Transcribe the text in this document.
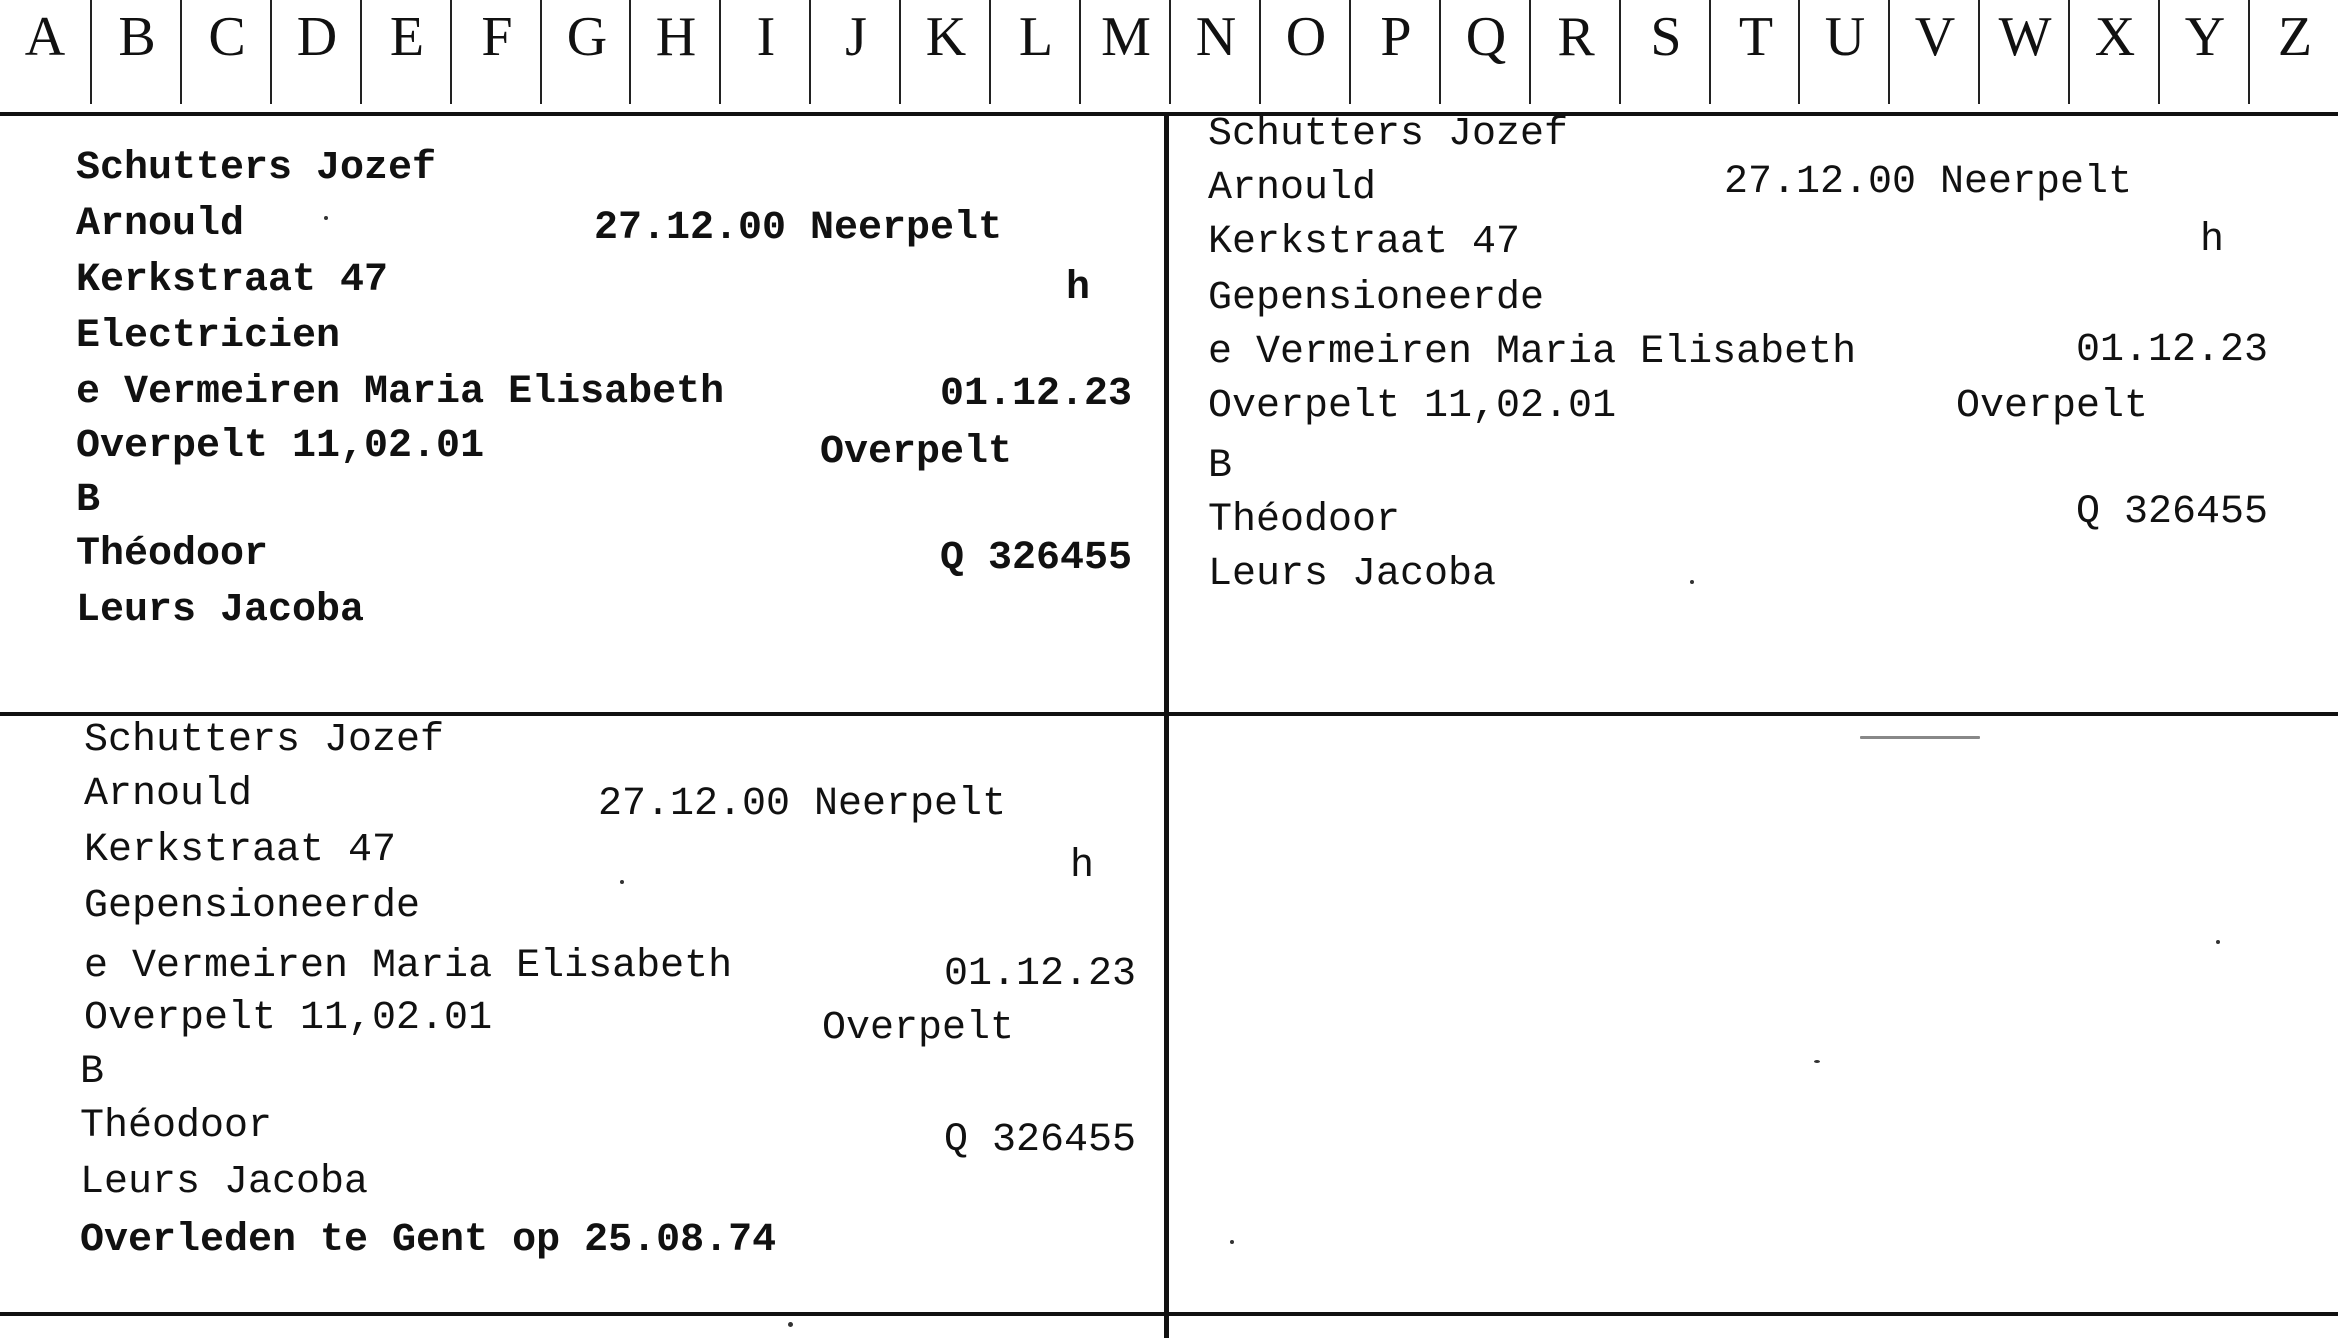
A B C D E	F G H	I	J	K L M N O P Q R S	T U V W X Y Z
Schutters Jozef
Arnould	27.12.00 Neerpelt
Kerkstraat 47	h
Electricien
e Vermeiren Maria Elisabeth	01.12.23
Overpelt 11,02.01	Overpelt
B
Théodoor	Q 326455
Leurs Jacoba
Schutters Jozef
Arnould	27.12.00 Neerpelt
Kerkstraat 47	h
Gepensioneerde
e Vermeiren Maria Elisabeth	01.12.23
Overpelt 11,02.01	Overpelt
B
Théodoor	Q 326455
Leurs Jacoba
Schutters Jozef
Arnould	27.12.00 Neerpelt
Kerkstraat 47	h
Gepensioneerde
e Vermeiren Maria Elisabeth	01.12.23
Overpelt 11,02.01	Overpelt
B
Théodoor	Q 326455
Leurs Jacoba
Overleden te Gent op 25.08.74
